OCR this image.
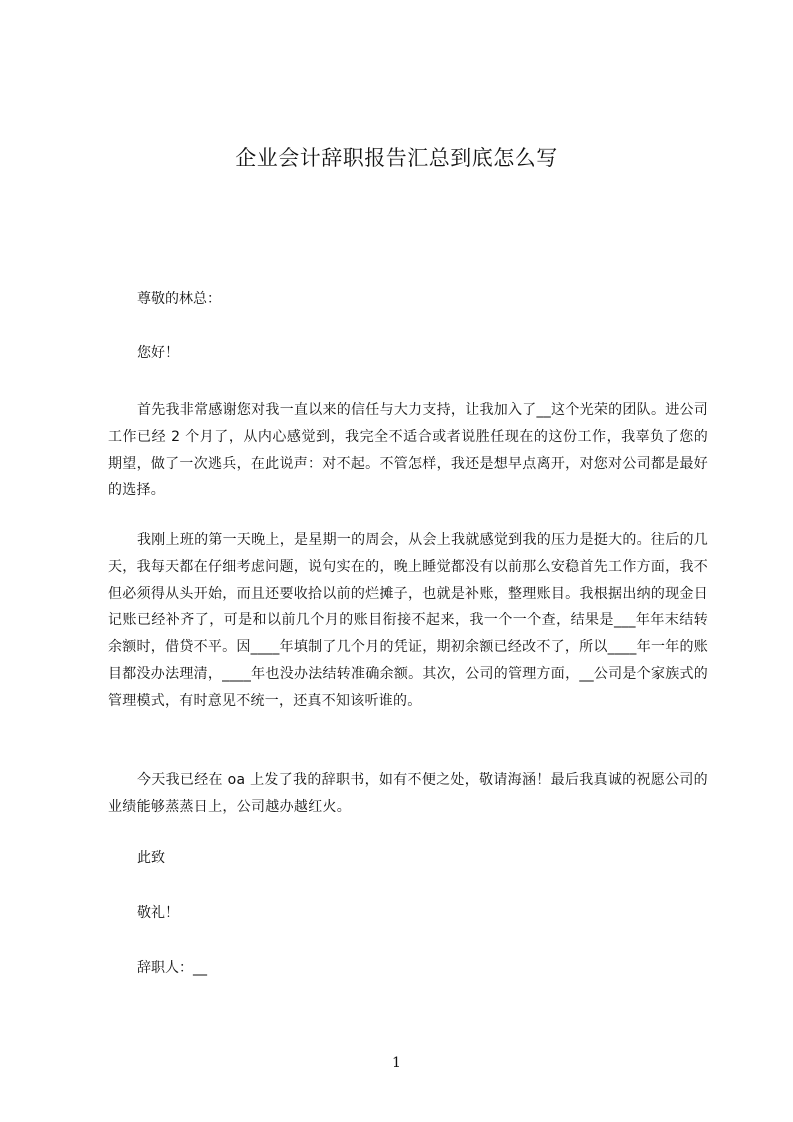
企业会计辞职报告汇总到底怎么写
尊敬的林总：
您好！
首先我非常感谢您对我一直以来的信任与大力支持，让我加入了__这个光荣的团队。进公司工作已经 2 个月了，从内心感觉到，我完全不适合或者说胜任现在的这份工作，我辜负了您的期望，做了一次逃兵，在此说声：对不起。不管怎样，我还是想早点离开，对您对公司都是最好的选择。
我刚上班的第一天晚上，是星期一的周会，从会上我就感觉到我的压力是挺大的。往后的几天，我每天都在仔细考虑问题，说句实在的，晚上睡觉都没有以前那么安稳首先工作方面，我不但必须得从头开始，而且还要收拾以前的烂摊子，也就是补账，整理账目。我根据出纳的现金日记账已经补齐了，可是和以前几个月的账目衔接不起来，我一个一个查，结果是___年年末结转余额时，借贷不平。因____年填制了几个月的凭证，期初余额已经改不了，所以____年一年的账目都没办法理清，____年也没办法结转准确余额。其次，公司的管理方面，__公司是个家族式的管理模式，有时意见不统一，还真不知该听谁的。
今天我已经在 oa 上发了我的辞职书，如有不便之处，敬请海涵！最后我真诚的祝愿公司的业绩能够蒸蒸日上，公司越办越红火。
此致
敬礼！
辞职人：__
1
